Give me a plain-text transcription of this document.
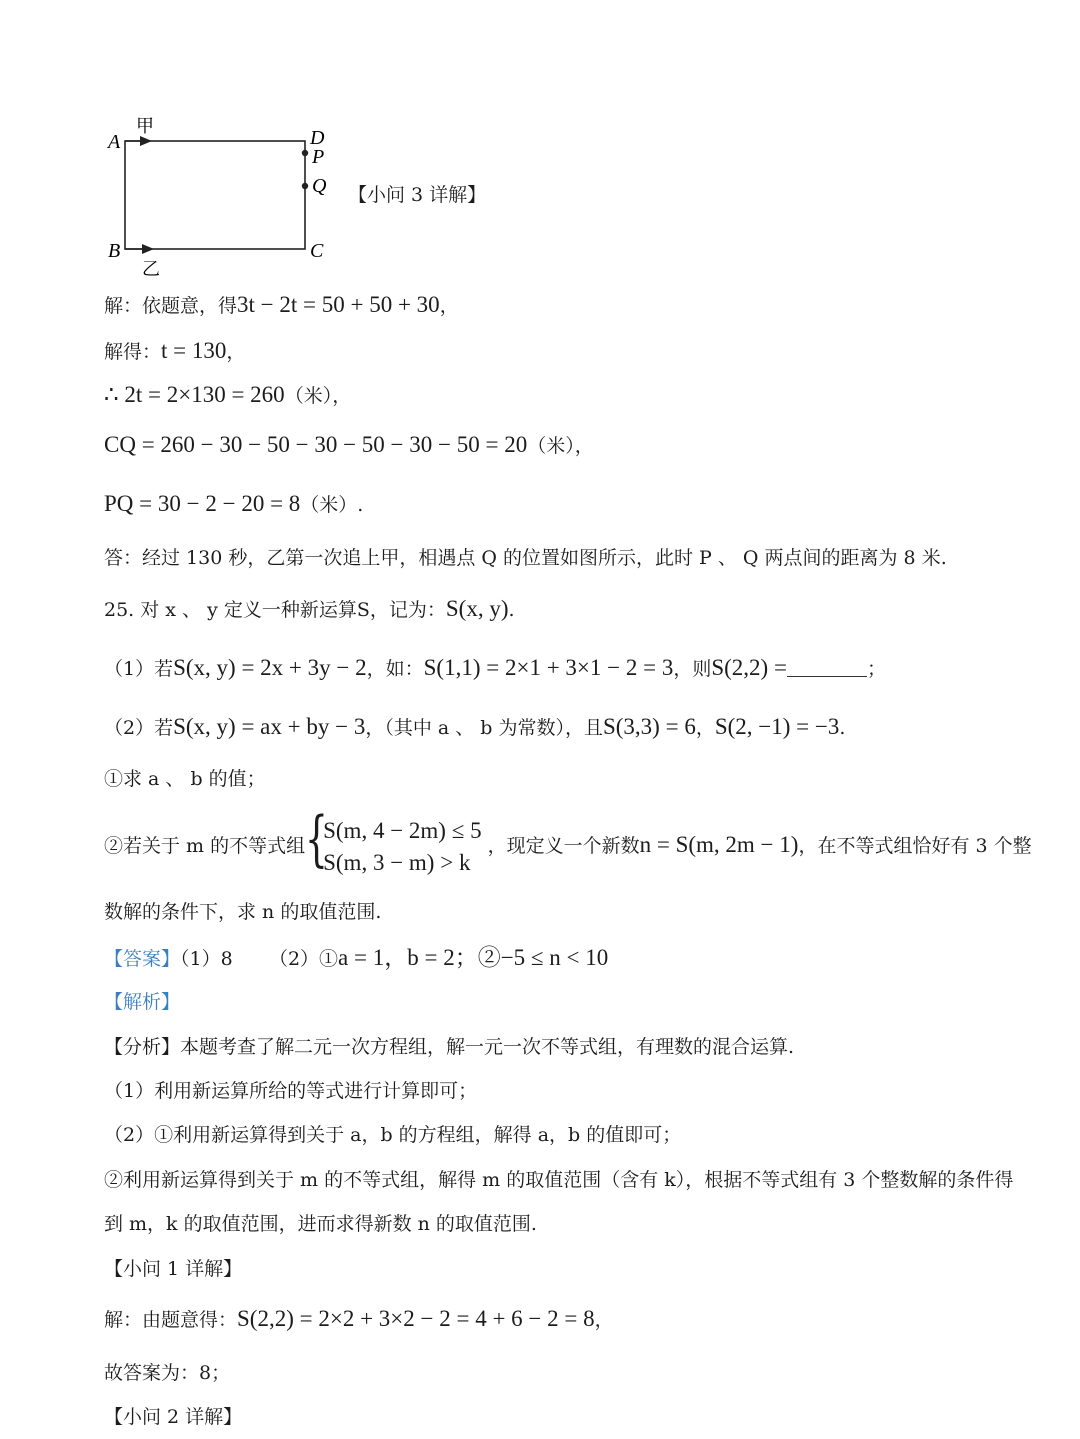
A
甲
D
P
Q
B	C
乙
【小问 3 详解】
解：依题意，得3t − 2t = 50 + 50 + 30，
解得：t = 130，
∴ 2t = 2×130 = 260（米），
CQ = 260 − 30 − 50 − 30 − 50 − 30 − 50 = 20（米），
PQ = 30 − 2 − 20 = 8（米）.
答：经过 130 秒，乙第一次追上甲，相遇点 Q 的位置如图所示，此时 P 、 Q 两点间的距离为 8 米.
25. 对 x 、 y 定义一种新运算S，记为：S(x, y).
（1）若S(x, y) = 2x + 3y − 2，如：S(1,1) = 2×1 + 3×1 − 2 = 3，则S(2,2) =	；
（2）若S(x, y) = ax + by − 3，（其中 a 、 b 为常数），且S(3,3) = 6，S(2, −1) = −3.
①求 a 、 b 的值；
②若关于 m 的不等式组 {
S(m, 4 − 2m) ≤ 5
S(m, 3 − m) > k
，现定义一个新数n = S(m, 2m − 1)，在不等式组恰好有 3 个整
数解的条件下，求 n 的取值范围.
【答案】（1）8 （2）①a = 1，b = 2；②−5 ≤ n < 10
【解析】
【分析】本题考查了解二元一次方程组，解一元一次不等式组，有理数的混合运算.
（1）利用新运算所给的等式进行计算即可；
（2）①利用新运算得到关于 a，b 的方程组，解得 a，b 的值即可；
②利用新运算得到关于 m 的不等式组，解得 m 的取值范围（含有 k），根据不等式组有 3 个整数解的条件得
到 m，k 的取值范围，进而求得新数 n 的取值范围.
【小问 1 详解】
解：由题意得：S(2,2) = 2×2 + 3×2 − 2 = 4 + 6 − 2 = 8，
故答案为：8；
【小问 2 详解】
